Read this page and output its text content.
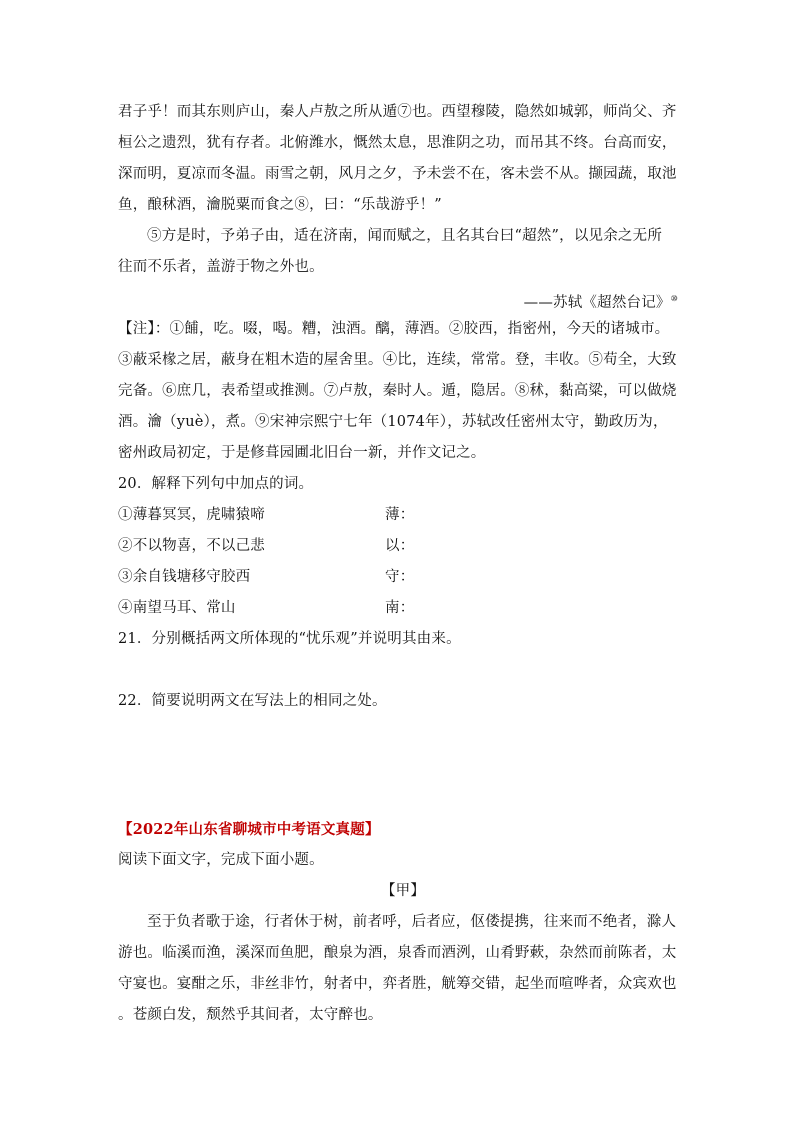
君子乎！而其东则庐山，秦人卢敖之所从遁⑦也。西望穆陵，隐然如城郭，师尚父、齐
桓公之遗烈，犹有存者。北俯潍水，慨然太息，思淮阴之功，而吊其不终。台高而安，
深而明，夏凉而冬温。雨雪之朝，风月之夕，予未尝不在，客未尝不从。撷园蔬，取池
鱼，酿秫酒，瀹脱粟而食之⑧，曰：“乐哉游乎！”
⑤方是时，予弟子由，适在济南，闻而赋之，且名其台曰“超然”，以见余之无所
往而不乐者，盖游于物之外也。
——苏轼《超然台记》⑩
【注】：①餔，吃。啜，喝。糟，浊酒。醨，薄酒。②胶西，指密州，今天的诸城市。
③蔽采椽之居，蔽身在粗木造的屋舍里。④比，连续，常常。登，丰收。⑤苟全，大致
完备。⑥庶几，表希望或推测。⑦卢敖，秦时人。遁，隐居。⑧秫，黏高粱，可以做烧
酒。瀹（yuè），煮。⑨宋神宗熙宁七年（1074年），苏轼改任密州太守，勤政历为，
密州政局初定，于是修葺园圃北旧台一新，并作文记之。
20．解释下列句中加点的词。
①薄暮冥冥，虎啸猿啼	薄：
②不以物喜，不以己悲	以：
③余自钱塘移守胶西	守：
④南望马耳、常山	南：
21．分别概括两文所体现的“忧乐观”并说明其由来。
22．简要说明两文在写法上的相同之处。
【2022年山东省聊城市中考语文真题】
阅读下面文字，完成下面小题。
【甲】
至于负者歌于途，行者休于树，前者呼，后者应，伛偻提携，往来而不绝者，滁人
游也。临溪而渔，溪深而鱼肥，酿泉为酒，泉香而酒洌，山肴野蔌，杂然而前陈者，太
守宴也。宴酣之乐，非丝非竹，射者中，弈者胜，觥筹交错，起坐而喧哗者，众宾欢也
。苍颜白发，颓然乎其间者，太守醉也。
